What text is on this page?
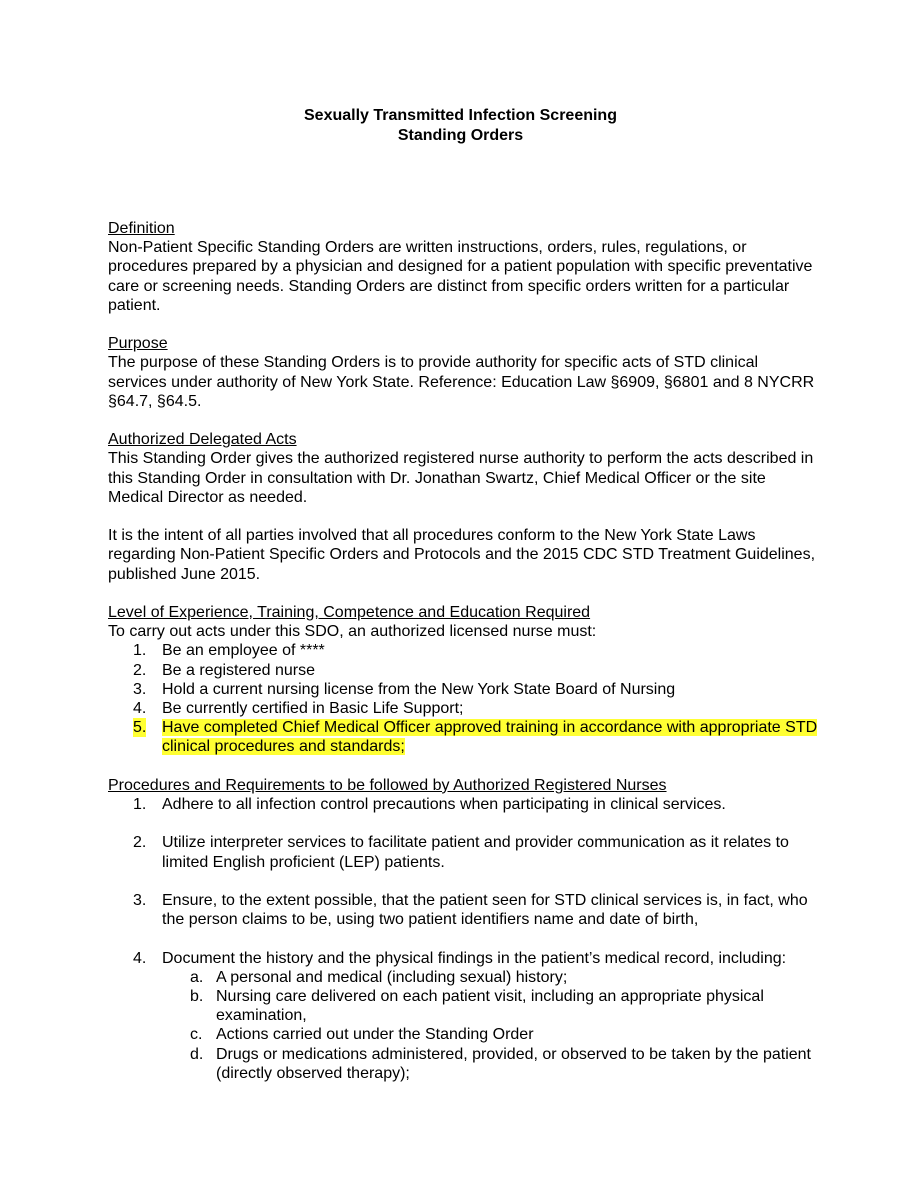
Sexually Transmitted Infection Screening
Standing Orders
Definition
Non-Patient Specific Standing Orders are written instructions, orders, rules, regulations, or procedures prepared by a physician and designed for a patient population with specific preventative care or screening needs. Standing Orders are distinct from specific orders written for a particular patient.
Purpose
The purpose of these Standing Orders is to provide authority for specific acts of STD clinical services under authority of New York State. Reference: Education Law §6909, §6801 and 8 NYCRR §64.7, §64.5.
Authorized Delegated Acts
This Standing Order gives the authorized registered nurse authority to perform the acts described in this Standing Order in consultation with Dr. Jonathan Swartz, Chief Medical Officer or the site Medical Director as needed.
It is the intent of all parties involved that all procedures conform to the New York State Laws regarding Non-Patient Specific Orders and Protocols and the 2015 CDC STD Treatment Guidelines, published June 2015.
Level of Experience, Training, Competence and Education Required
To carry out acts under this SDO, an authorized licensed nurse must:
1. Be an employee of ****
2. Be a registered nurse
3. Hold a current nursing license from the New York State Board of Nursing
4. Be currently certified in Basic Life Support;
5. Have completed Chief Medical Officer approved training in accordance with appropriate STD clinical procedures and standards;
Procedures and Requirements to be followed by Authorized Registered Nurses
1. Adhere to all infection control precautions when participating in clinical services.
2. Utilize interpreter services to facilitate patient and provider communication as it relates to limited English proficient (LEP) patients.
3. Ensure, to the extent possible, that the patient seen for STD clinical services is, in fact, who the person claims to be, using two patient identifiers name and date of birth,
4. Document the history and the physical findings in the patient’s medical record, including:
a. A personal and medical (including sexual) history;
b. Nursing care delivered on each patient visit, including an appropriate physical examination,
c. Actions carried out under the Standing Order
d. Drugs or medications administered, provided, or observed to be taken by the patient (directly observed therapy);
